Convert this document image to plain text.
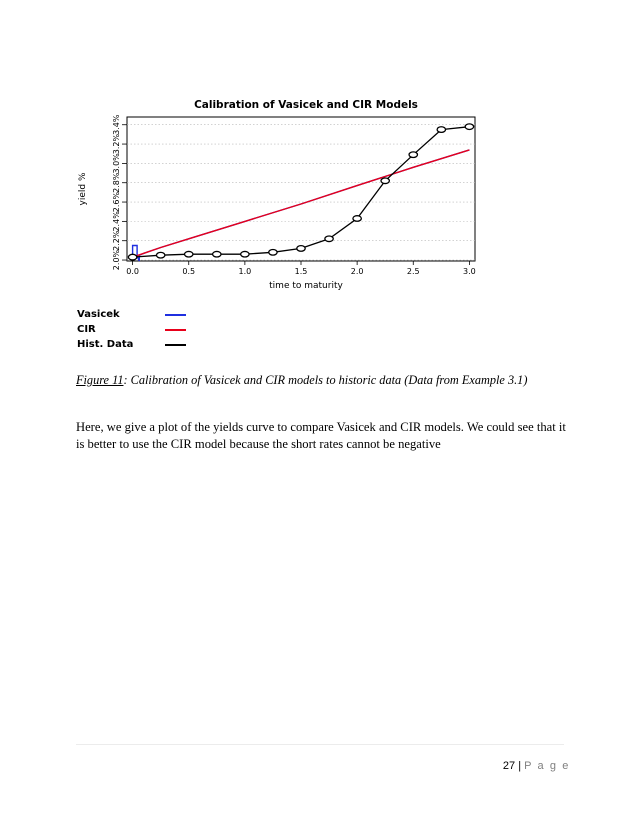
Calibration of Vasicek and CIR Models
2.0%
2.2%
2.4%
2.6%
2.8%
3.0%
3.2%
3.4%
0.0	0.5	1.0	1.5	2.0	2.5	3.0
time to maturity
yield %
Vasicek
CIR
Hist. Data
Figure 11: Calibration of Vasicek and CIR models to historic data (Data from Example 3.1)
Here, we give a plot of the yields curve to compare Vasicek and CIR models. We could see that it is better to use the CIR model because the short rates cannot be negative
27 | P a g e
